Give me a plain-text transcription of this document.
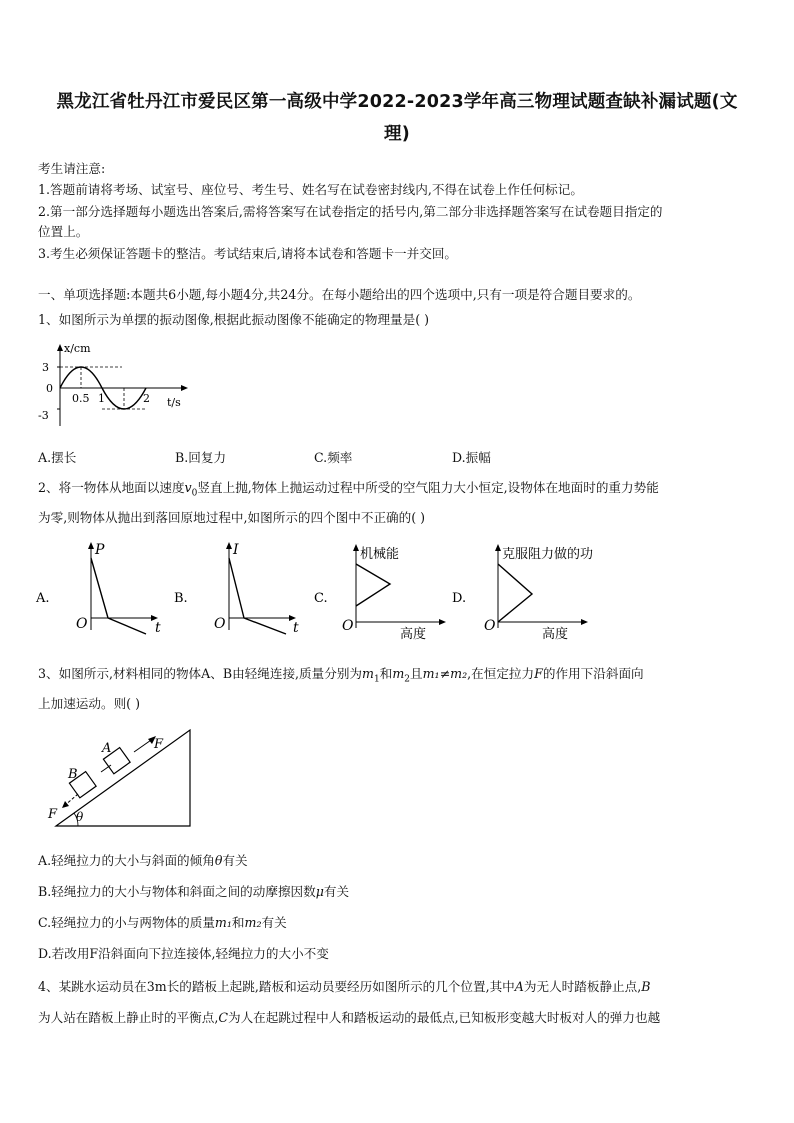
黑龙江省牡丹江市爱民区第一高级中学2022-2023学年高三物理试题查缺补漏试题(文
理)
考生请注意:
1.答题前请将考场、试室号、座位号、考生号、姓名写在试卷密封线内,不得在试卷上作任何标记。
2.第一部分选择题每小题选出答案后,需将答案写在试卷指定的括号内,第二部分非选择题答案写在试卷题目指定的
位置上。
3.考生必须保证答题卡的整洁。考试结束后,请将本试卷和答题卡一并交回。
一、单项选择题:本题共6小题,每小题4分,共24分。在每小题给出的四个选项中,只有一项是符合题目要求的。
1、如图所示为单摆的振动图像,根据此振动图像不能确定的物理量是( )
x/cm
3
0
-3
0.5 1	2 t/s
A.摆长	B.回复力	C.频率	D.振幅
2、将一物体从地面以速度$v_0$竖直上抛,物体上抛运动过程中所受的空气阻力大小恒定,设物体在地面时的重力势能
为零,则物体从抛出到落回原地过程中,如图所示的四个图中不正确的( )
A.
P
O	t
B.
I
O	t
C.
机械能
O
高度
D.
克服阻力做的功
O
高度
3、如图所示,材料相同的物体A、B由轻绳连接,质量分别为$m_1$和$m_2$且m₁≠m₂,在恒定拉力F的作用下沿斜面向
上加速运动。则( )
A
B
F
F θ
A.轻绳拉力的大小与斜面的倾角θ有关
B.轻绳拉力的大小与物体和斜面之间的动摩擦因数μ有关
C.轻绳拉力的小与两物体的质量m₁和m₂有关
D.若改用F沿斜面向下拉连接体,轻绳拉力的大小不变
4、某跳水运动员在3m长的踏板上起跳,踏板和运动员要经历如图所示的几个位置,其中A为无人时踏板静止点,B
为人站在踏板上静止时的平衡点,C为人在起跳过程中人和踏板运动的最低点,已知板形变越大时板对人的弹力也越
